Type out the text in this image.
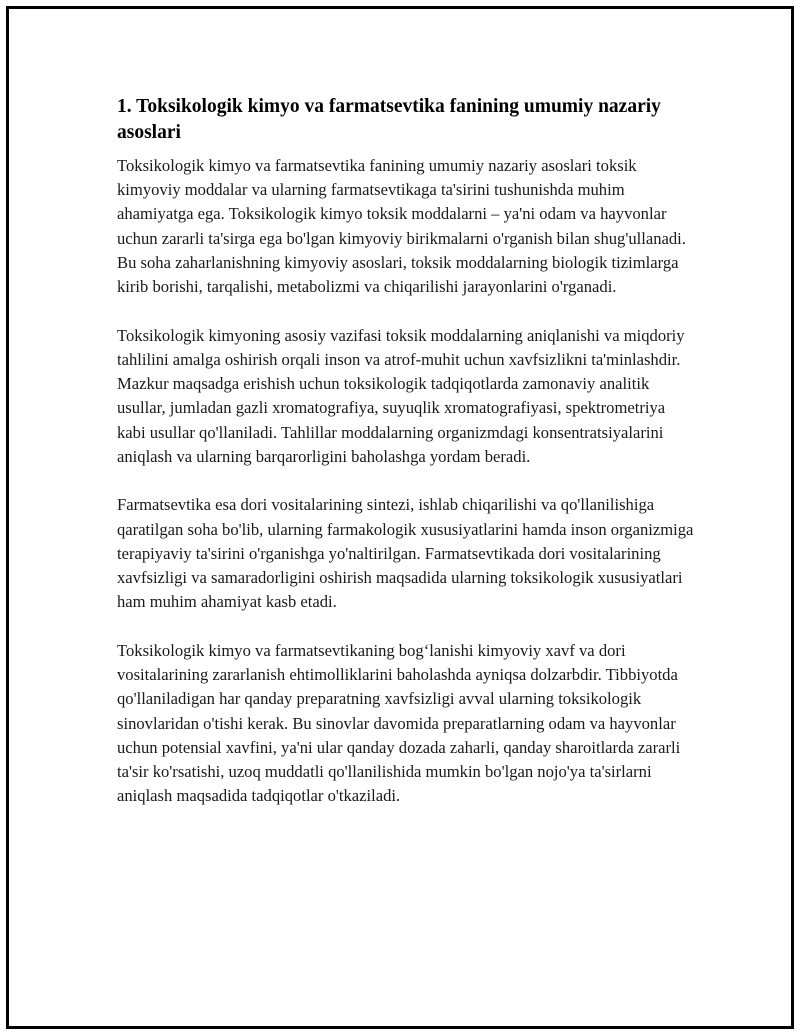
1. Toksikologik kimyo va farmatsevtika fanining umumiy nazariy asoslari

Toksikologik kimyo va farmatsevtika fanining umumiy nazariy asoslari toksik kimyoviy moddalar va ularning farmatsevtikaga ta'sirini tushunishda muhim ahamiyatga ega. Toksikologik kimyo toksik moddalarni – ya'ni odam va hayvonlar uchun zararli ta'sirga ega bo'lgan kimyoviy birikmalarni o'rganish bilan shug'ullanadi. Bu soha zaharlanishning kimyoviy asoslari, toksik moddalarning biologik tizimlarga kirib borishi, tarqalishi, metabolizmi va chiqarilishi jarayonlarini o'rganadi.

Toksikologik kimyoning asosiy vazifasi toksik moddalarning aniqlanishi va miqdoriy tahlilini amalga oshirish orqali inson va atrof-muhit uchun xavfsizlikni ta'minlashdir. Mazkur maqsadga erishish uchun toksikologik tadqiqotlarda zamonaviy analitik usullar, jumladan gazli xromatografiya, suyuqlik xromatografiyasi, spektrometriya kabi usullar qo'llaniladi. Tahlillar moddalarning organizmdagi konsentratsiyalarini aniqlash va ularning barqarorligini baholashga yordam beradi.

Farmatsevtika esa dori vositalarining sintezi, ishlab chiqarilishi va qo'llanilishiga qaratilgan soha bo'lib, ularning farmakologik xususiyatlarini hamda inson organizmiga terapiyaviy ta'sirini o'rganishga yo'naltirilgan. Farmatsevtikada dori vositalarining xavfsizligi va samaradorligini oshirish maqsadida ularning toksikologik xususiyatlari ham muhim ahamiyat kasb etadi.

Toksikologik kimyo va farmatsevtikaning bog‘lanishi kimyoviy xavf va dori vositalarining zararlanish ehtimolliklarini baholashda ayniqsa dolzarbdir. Tibbiyotda qo'llaniladigan har qanday preparatning xavfsizligi avval ularning toksikologik sinovlaridan o'tishi kerak. Bu sinovlar davomida preparatlarning odam va hayvonlar uchun potensial xavfini, ya'ni ular qanday dozada zaharli, qanday sharoitlarda zararli ta'sir ko'rsatishi, uzoq muddatli qo'llanilishida mumkin bo'lgan nojo'ya ta'sirlarni aniqlash maqsadida tadqiqotlar o'tkaziladi.
